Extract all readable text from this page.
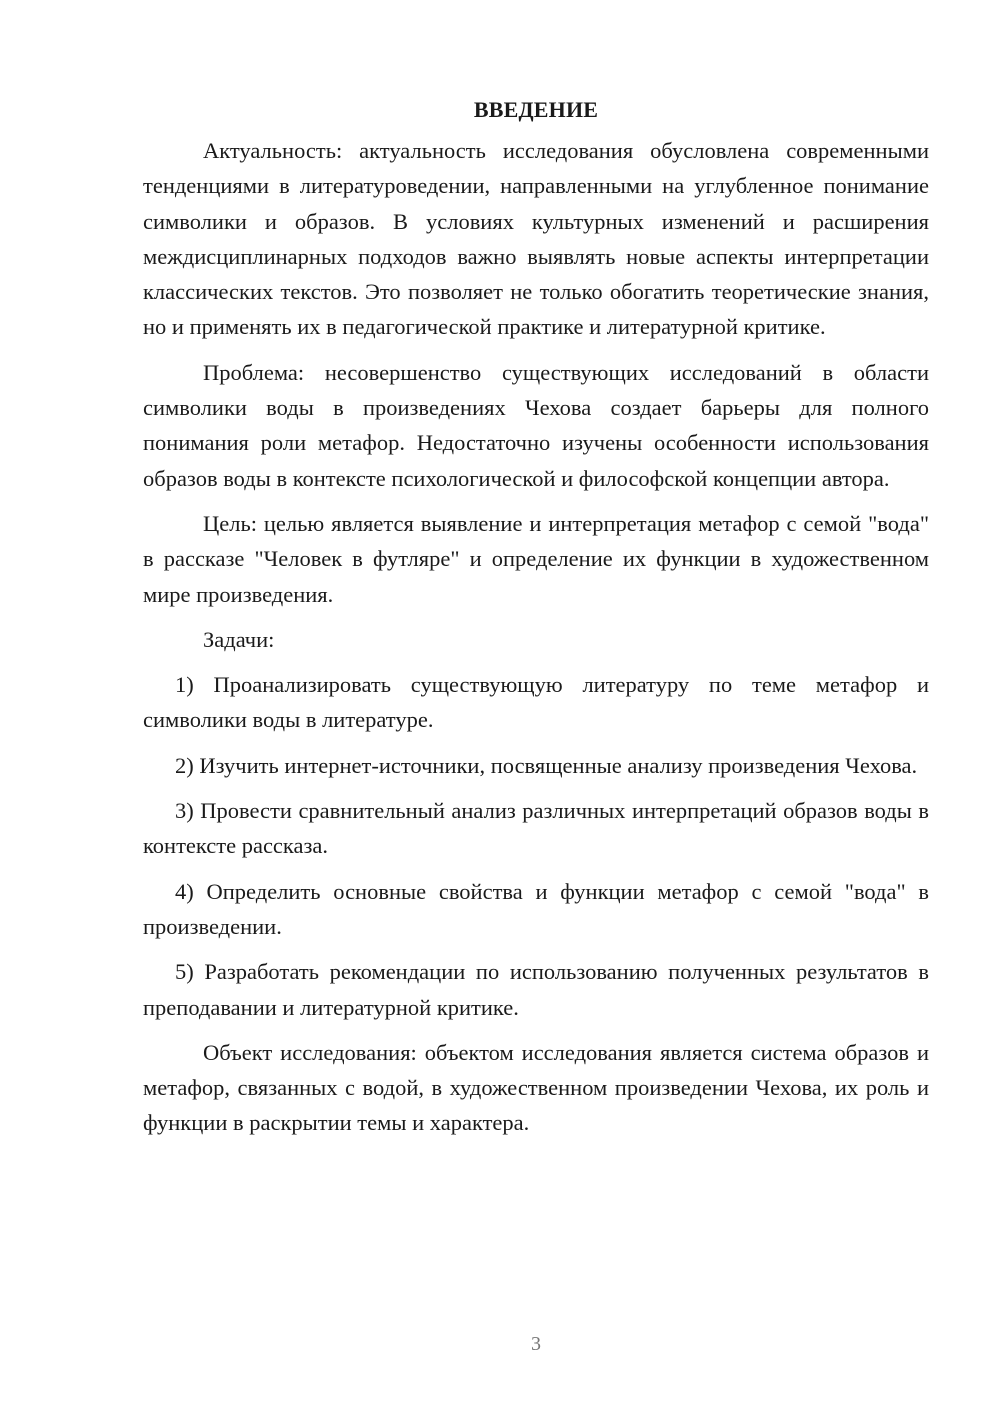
ВВЕДЕНИЕ

Актуальность: актуальность исследования обусловлена современными тенденциями в литературоведении, направленными на углубленное понимание символики и образов. В условиях культурных изменений и расширения междисциплинарных подходов важно выявлять новые аспекты интерпретации классических текстов. Это позволяет не только обогатить теоретические знания, но и применять их в педагогической практике и литературной критике.

Проблема: несовершенство существующих исследований в области символики воды в произведениях Чехова создает барьеры для полного понимания роли метафор. Недостаточно изучены особенности использования образов воды в контексте психологической и философской концепции автора.

Цель: целью является выявление и интерпретация метафор с семой "вода" в рассказе "Человек в футляре" и определение их функции в художественном мире произведения.

Задачи:

1) Проанализировать существующую литературу по теме метафор и символики воды в литературе.

2) Изучить интернет-источники, посвященные анализу произведения Чехова.

3) Провести сравнительный анализ различных интерпретаций образов воды в контексте рассказа.

4) Определить основные свойства и функции метафор с семой "вода" в произведении.

5) Разработать рекомендации по использованию полученных результатов в преподавании и литературной критике.

Объект исследования: объектом исследования является система образов и метафор, связанных с водой, в художественном произведении Чехова, их роль и функции в раскрытии темы и характера.

3
